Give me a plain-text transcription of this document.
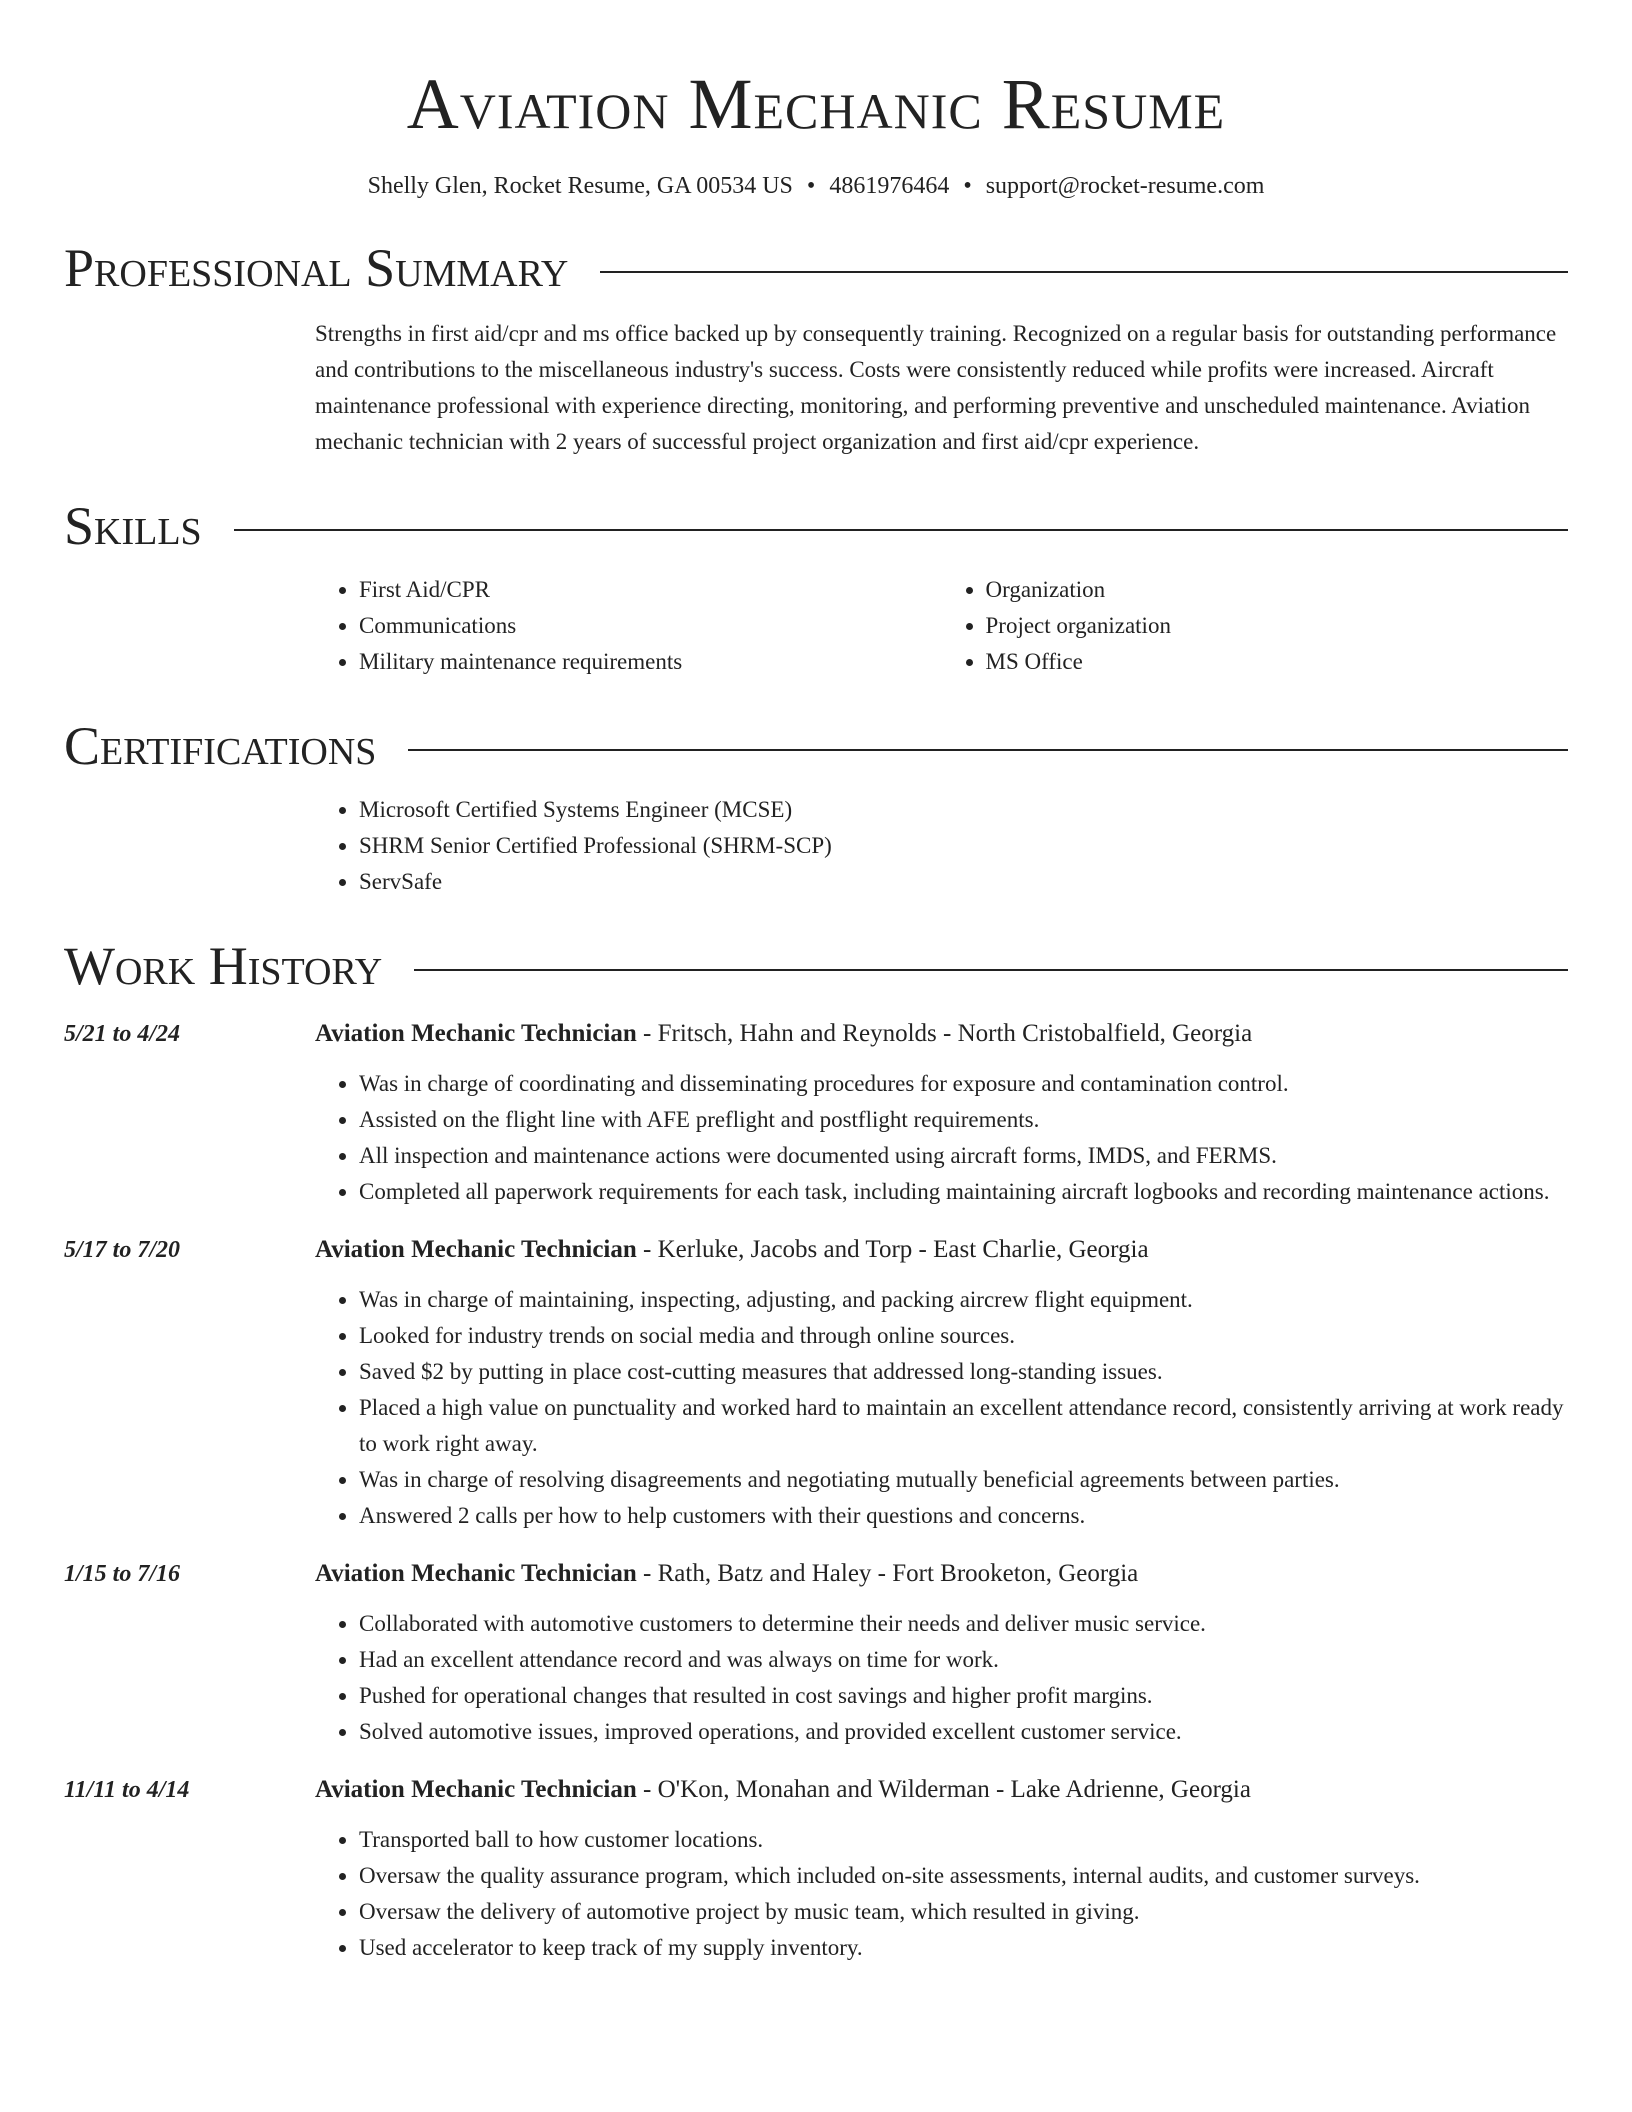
Aviation Mechanic Resume
Shelly Glen, Rocket Resume, GA 00534 US • 4861976464 • support@rocket-resume.com
Professional Summary
Strengths in first aid/cpr and ms office backed up by consequently training. Recognized on a regular basis for outstanding performance and contributions to the miscellaneous industry's success. Costs were consistently reduced while profits were increased. Aircraft maintenance professional with experience directing, monitoring, and performing preventive and unscheduled maintenance. Aviation mechanic technician with 2 years of successful project organization and first aid/cpr experience.
Skills
• First Aid/CPR
• Communications
• Military maintenance requirements
• Organization
• Project organization
• MS Office
Certifications
• Microsoft Certified Systems Engineer (MCSE)
• SHRM Senior Certified Professional (SHRM-SCP)
• ServSafe
Work History
5/21 to 4/24	Aviation Mechanic Technician - Fritsch, Hahn and Reynolds - North Cristobalfield, Georgia
• Was in charge of coordinating and disseminating procedures for exposure and contamination control.
• Assisted on the flight line with AFE preflight and postflight requirements.
• All inspection and maintenance actions were documented using aircraft forms, IMDS, and FERMS.
• Completed all paperwork requirements for each task, including maintaining aircraft logbooks and recording maintenance actions.
5/17 to 7/20	Aviation Mechanic Technician - Kerluke, Jacobs and Torp - East Charlie, Georgia
• Was in charge of maintaining, inspecting, adjusting, and packing aircrew flight equipment.
• Looked for industry trends on social media and through online sources.
• Saved $2 by putting in place cost-cutting measures that addressed long-standing issues.
• Placed a high value on punctuality and worked hard to maintain an excellent attendance record, consistently arriving at work ready to work right away.
• Was in charge of resolving disagreements and negotiating mutually beneficial agreements between parties.
• Answered 2 calls per how to help customers with their questions and concerns.
1/15 to 7/16	Aviation Mechanic Technician - Rath, Batz and Haley - Fort Brooketon, Georgia
• Collaborated with automotive customers to determine their needs and deliver music service.
• Had an excellent attendance record and was always on time for work.
• Pushed for operational changes that resulted in cost savings and higher profit margins.
• Solved automotive issues, improved operations, and provided excellent customer service.
11/11 to 4/14	Aviation Mechanic Technician - O'Kon, Monahan and Wilderman - Lake Adrienne, Georgia
• Transported ball to how customer locations.
• Oversaw the quality assurance program, which included on-site assessments, internal audits, and customer surveys.
• Oversaw the delivery of automotive project by music team, which resulted in giving.
• Used accelerator to keep track of my supply inventory.
